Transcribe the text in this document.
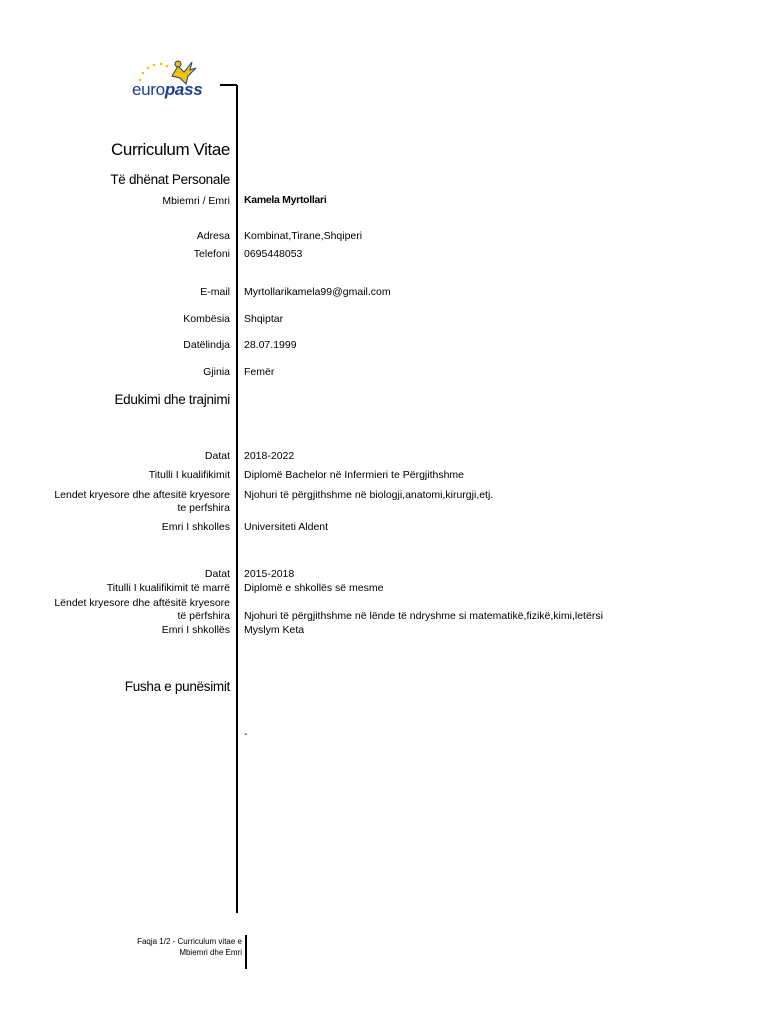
europass
Curriculum Vitae
Të dhënat Personale
Mbiemri / Emri Kamela Myrtollari
Adresa Kombinat,Tirane,Shqiperi
Telefoni 0695448053
E-mail Myrtollarikamela99@gmail.com
Kombësia Shqiptar
Datëlindja 28.07.1999
Gjinia Femër
Edukimi dhe trajnimi
Datat 2018-2022
Titulli I kualifikimit Diplomë Bachelor në Infermieri te Përgjithshme
Lendet kryesore dhe aftesitë kryesore
te perfshira
Njohuri të përgjithshme në biologji,anatomi,kirurgji,etj.
Emri I shkolles Universiteti Aldent
Datat 2015-2018
Titulli I kualifikimit të marrë Diplomë e shkollës së mesme
Lëndet kryesore dhe aftësitë kryesore
të përfshira Njohuri të përgjithshme në lënde të ndryshme si matematikë,fizikë,kimi,letërsi
Emri I shkollës Myslym Keta
Fusha e punësimit
-
Faqja 1/2 - Curriculum vitae e
Mbiemri dhe Emri
